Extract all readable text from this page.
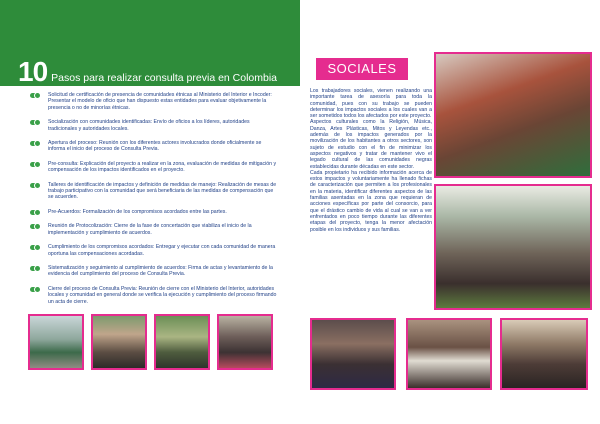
10 Pasos para realizar consulta previa en Colombia
Solicitud de certificación de presencia de comunidades étnicas al Ministerio del Interior e Incoder: Presentar el modelo de oficio que han dispuesto estas entidades para evaluar objetivamente la presencia o no de minorías étnicas.
Socialización con comunidades identificadas: Envío de oficios a los líderes, autoridades tradicionales y autoridades locales.
Apertura del proceso: Reunión con los diferentes actores involucrados donde oficialmente se informa el inicio del proceso de Consulta Previa.
Pre-consulta: Explicación del proyecto a realizar en la zona, evaluación de medidas de mitigación y compensación de los impactos identificados en el proyecto.
Talleres de identificación de impactos y definición de medidas de manejo: Realización de mesas de trabajo participativo con la comunidad que será beneficiaria de las medidas de compensación que se acuerden.
Pre-Acuerdos: Formalización de los compromisos acordados entre las partes.
Reunión de Protocolización: Cierre de la fase de concertación que viabiliza el inicio de la implementación y cumplimiento de acuerdos.
Cumplimiento de los compromisos acordados: Entregar y ejecutar con cada comunidad de manera oportuna las compensaciones acordadas.
Sistematización y seguimiento al cumplimiento de acuerdos: Firma de actas y levantamiento de la evidencia del cumplimiento del proceso de Consulta Previa.
Cierre del proceso de Consulta Previa: Reunión de cierre con el Ministerio del Interior, autoridades locales y comunidad en general donde se verifica la ejecución y cumplimiento del proceso firmando un acta de cierre.
SOCIALES
Los trabajadores sociales, vienen realizando una importante tarea de asesoría para toda la comunidad, pues con su trabajo se pueden determinar los impactos sociales a los cuales van a ser sometidos todos los afectados por este proyecto.
Aspectos culturales como la Religión, Música, Danza, Artes Plásticas, Mitos y Leyendas etc., además de los impactos generados por la movilización de los habitantes a otros sectores, son sujeto de estudio con el fin de minimizar los aspectos negativos y tratar de mantener vivo el legado cultural de las comunidades negras establecidas durante décadas en este sector.
Cada propietario ha recibido información acerca de estos impactos y voluntariamente ha llenado fichas de caracterización que permiten a los profesionales en la materia, identificar diferentes aspectos de las familias asentadas en la zona que requieran de acciones específicas por parte del consorcio, para que el drástico cambio de vida al cual se van a ver enfrentados en poco tiempo durante las diferentes etapas del proyecto, tenga la menor afectación posible en los individuos y sus familias.
